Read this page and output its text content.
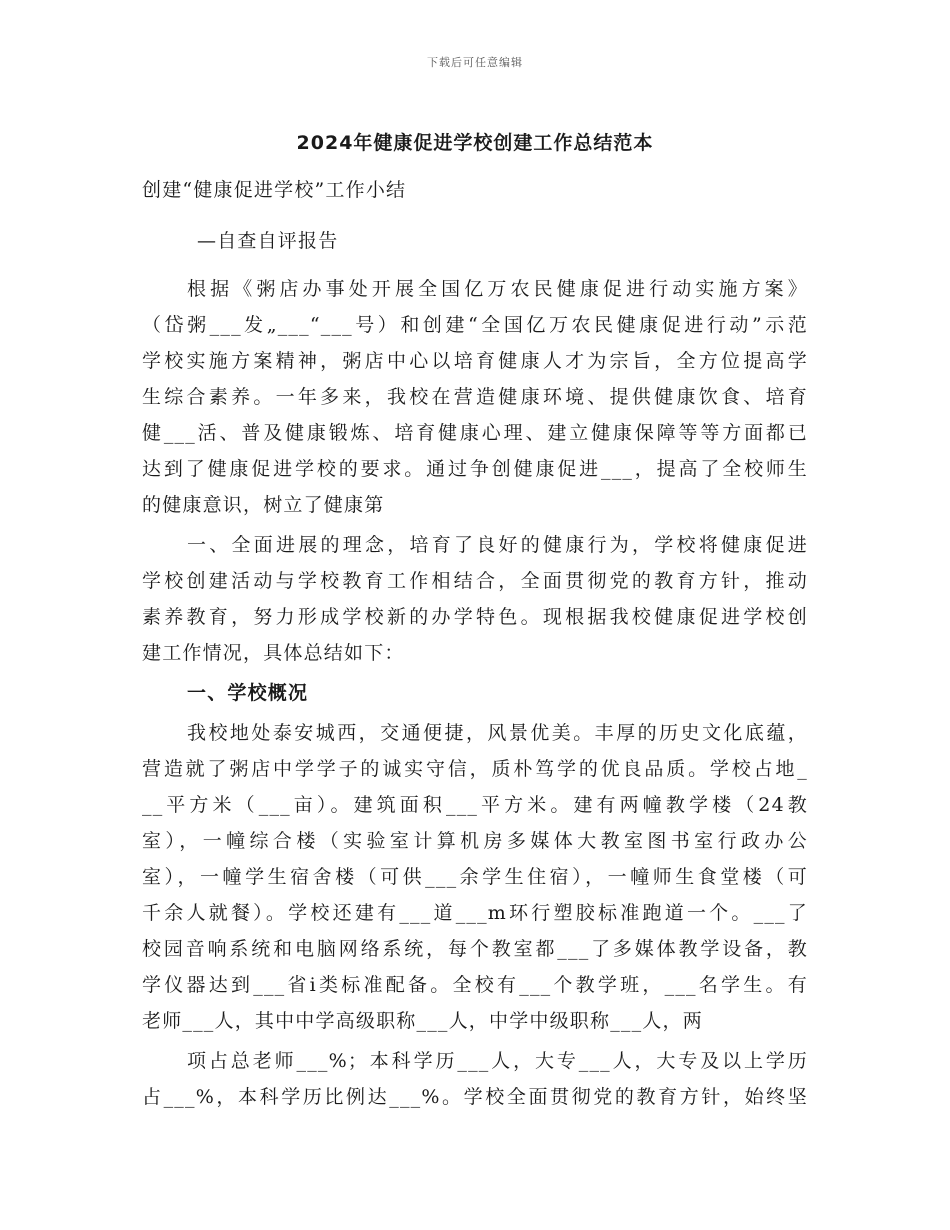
下载后可任意编辑
2024年健康促进学校创建工作总结范本
创建“健康促进学校”工作小结
—自查自评报告
根据《粥店办事处开展全国亿万农民健康促进行动实施方案》
（岱粥___发„___“___号）和创建“全国亿万农民健康促进行动”示范
学校实施方案精神，粥店中心以培育健康人才为宗旨，全方位提高学
生综合素养。一年多来，我校在营造健康环境、提供健康饮食、培育
健___活、普及健康锻炼、培育健康心理、建立健康保障等等方面都已
达到了健康促进学校的要求。通过争创健康促进___，提高了全校师生
的健康意识，树立了健康第
一、全面进展的理念，培育了良好的健康行为，学校将健康促进
学校创建活动与学校教育工作相结合，全面贯彻党的教育方针，推动
素养教育，努力形成学校新的办学特色。现根据我校健康促进学校创
建工作情况，具体总结如下：
一、学校概况
我校地处泰安城西，交通便捷，风景优美。丰厚的历史文化底蕴，
营造就了粥店中学学子的诚实守信，质朴笃学的优良品质。学校占地_
__平方米（___亩）。建筑面积___平方米。建有两幢教学楼（24教
室），一幢综合楼（实验室计算机房多媒体大教室图书室行政办公
室），一幢学生宿舍楼（可供___余学生住宿），一幢师生食堂楼（可
千余人就餐）。学校还建有___道___m环行塑胶标准跑道一个。___了
校园音响系统和电脑网络系统，每个教室都___了多媒体教学设备，教
学仪器达到___省ⅰ类标准配备。全校有___个教学班，___名学生。有
老师___人，其中中学高级职称___人，中学中级职称___人，两
项占总老师___%；本科学历___人，大专___人，大专及以上学历
占___%，本科学历比例达___%。学校全面贯彻党的教育方针，始终坚
